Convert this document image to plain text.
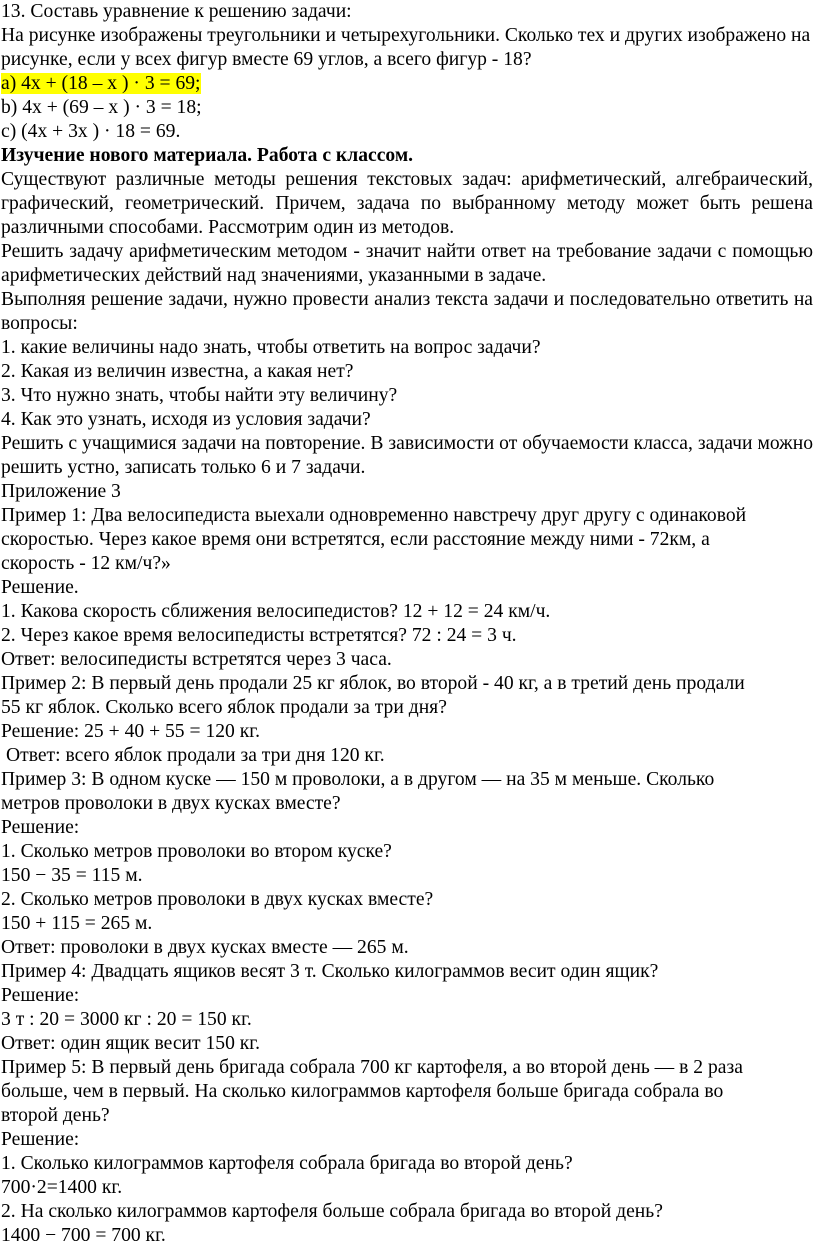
13. Составь уравнение к решению задачи:
На рисунке изображены треугольники и четырехугольники. Сколько тех и других изображено на рисунке, если у всех фигур вместе 69 углов, а всего фигур - 18?
а) 4х + (18 – х ) · 3 = 69;
b) 4х + (69 – х ) · 3 = 18;
с) (4х + 3х ) · 18 = 69.
Изучение нового материала. Работа с классом.
Существуют различные методы решения текстовых задач: арифметический, алгебраический, графический, геометрический. Причем, задача по выбранному методу может быть решена различными способами. Рассмотрим один из методов.
Решить задачу арифметическим методом - значит найти ответ на требование задачи с помощью арифметических действий над значениями, указанными в задаче.
Выполняя решение задачи, нужно провести анализ текста задачи и последовательно ответить на вопросы:
1. какие величины надо знать, чтобы ответить на вопрос задачи?
2. Какая из величин известна, а какая нет?
3. Что нужно знать, чтобы найти эту величину?
4. Как это узнать, исходя из условия задачи?
Решить с учащимися задачи на повторение. В зависимости от обучаемости класса, задачи можно решить устно, записать только 6 и 7 задачи.
Приложение 3
Пример 1: Два велосипедиста выехали одновременно навстречу друг другу с одинаковой
скоростью. Через какое время они встретятся, если расстояние между ними - 72км, а
скорость - 12 км/ч?»
Решение.
1. Какова скорость сближения велосипедистов? 12 + 12 = 24 км/ч.
2. Через какое время велосипедисты встретятся? 72 : 24 = 3 ч.
Ответ: велосипедисты встретятся через 3 часа.
Пример 2: В первый день продали 25 кг яблок, во второй - 40 кг, а в третий день продали
55 кг яблок. Сколько всего яблок продали за три дня?
Решение: 25 + 40 + 55 = 120 кг.
Ответ: всего яблок продали за три дня 120 кг.
Пример 3: В одном куске — 150 м проволоки, а в другом — на 35 м меньше. Сколько
метров проволоки в двух кусках вместе?
Решение:
1. Сколько метров проволоки во втором куске?
150 − 35 = 115 м.
2. Сколько метров проволоки в двух кусках вместе?
150 + 115 = 265 м.
Ответ: проволоки в двух кусках вместе — 265 м.
Пример 4: Двадцать ящиков весят 3 т. Сколько килограммов весит один ящик?
Решение:
3 т : 20 = 3000 кг : 20 = 150 кг.
Ответ: один ящик весит 150 кг.
Пример 5: В первый день бригада собрала 700 кг картофеля, а во второй день — в 2 раза
больше, чем в первый. На сколько килограммов картофеля больше бригада собрала во
второй день?
Решение:
1. Сколько килограммов картофеля собрала бригада во второй день?
700·2=1400 кг.
2. На сколько килограммов картофеля больше собрала бригада во второй день?
1400 − 700 = 700 кг.
